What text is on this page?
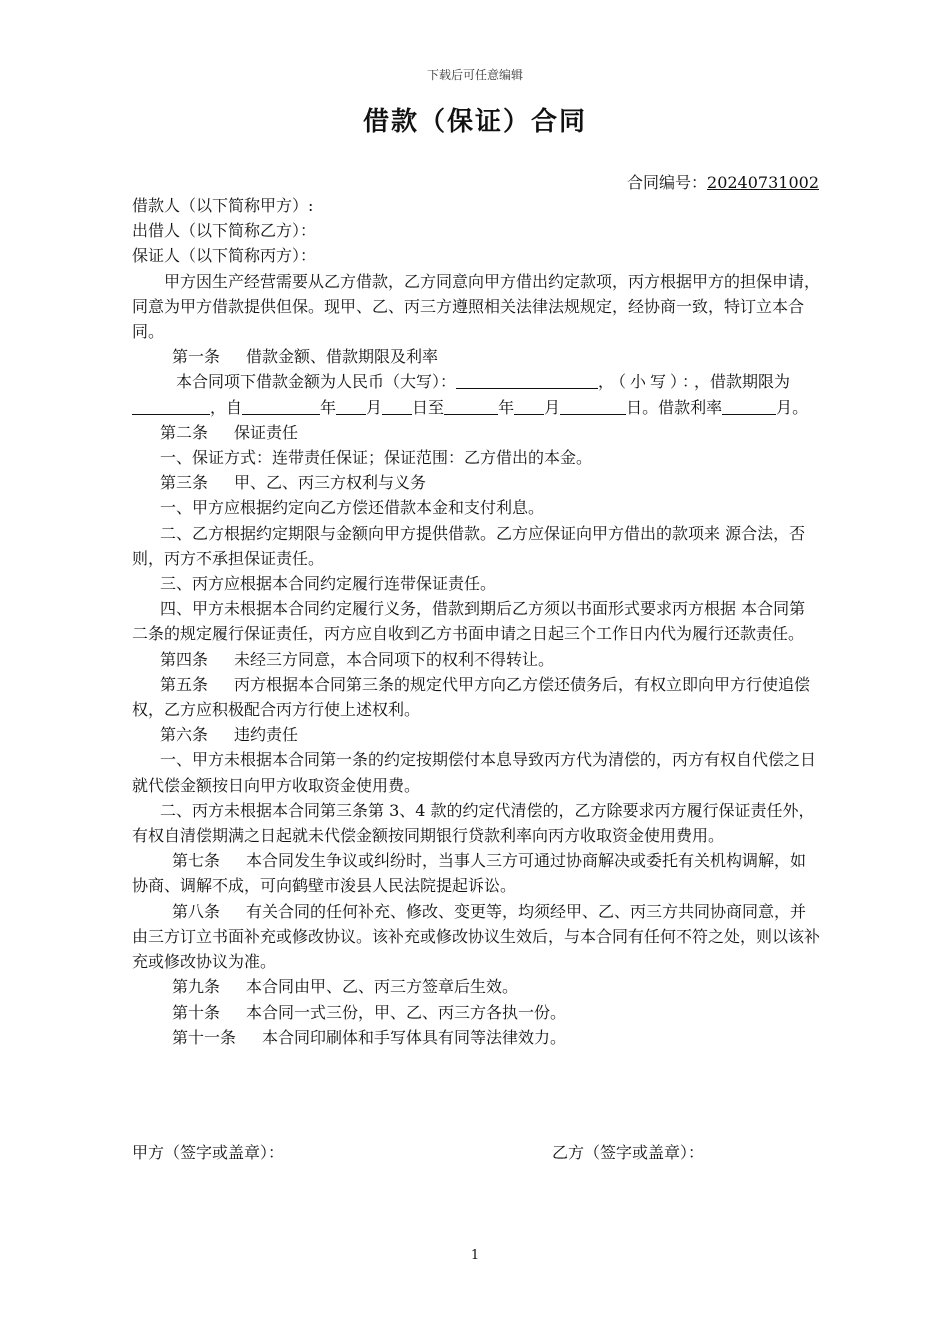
下载后可任意编辑
借款（保证）合同
合同编号：20240731002

借款人（以下简称甲方）:

出借人（以下简称乙方）：

保证人（以下简称丙方）：

甲方因生产经营需要从乙方借款，乙方同意向甲方借出约定款项，丙方根据甲方的担保申请，同意为甲方借款提供但保。现甲、乙、丙三方遵照相关法律法规规定，经协商一致，特订立本合同。

第一条 借款金额、借款期限及利率

本合同项下借款金额为人民币（大写）：	，（小写）：，借款期限为，自	年 月 日至	年 月	日。借款利率	月。

第二条 保证责任

一、保证方式：连带责任保证；保证范围：乙方借出的本金。

第三条 甲、乙、丙三方权利与义务

一、甲方应根据约定向乙方偿还借款本金和支付利息。

二、乙方根据约定期限与金额向甲方提供借款。乙方应保证向甲方借出的款项来 源合法，否则，丙方不承担保证责任。

三、丙方应根据本合同约定履行连带保证责任。

四、甲方未根据本合同约定履行义务，借款到期后乙方须以书面形式要求丙方根据 本合同第二条的规定履行保证责任，丙方应自收到乙方书面申请之日起三个工作日内代为履行还款责任。

第四条 未经三方同意，本合同项下的权利不得转让。

第五条 丙方根据本合同第三条的规定代甲方向乙方偿还债务后，有权立即向甲方行使追偿权，乙方应积极配合丙方行使上述权利。

第六条 违约责任

一、甲方未根据本合同第一条的约定按期偿付本息导致丙方代为清偿的，丙方有权自代偿之日就代偿金额按日向甲方收取资金使用费。

二、丙方未根据本合同第三条第 3、4 款的约定代清偿的，乙方除要求丙方履行保证责任外，有权自清偿期满之日起就未代偿金额按同期银行贷款利率向丙方收取资金使用费用。

第七条 本合同发生争议或纠纷时，当事人三方可通过协商解决或委托有关机构调解，如协商、调解不成，可向鹤壁市浚县人民法院提起诉讼。

第八条 有关合同的任何补充、修改、变更等，均须经甲、乙、丙三方共同协商同意，并由三方订立书面补充或修改协议。该补充或修改协议生效后，与本合同有任何不符之处，则以该补充或修改协议为准。

第九条 本合同由甲、乙、丙三方签章后生效。

第十条 本合同一式三份，甲、乙、丙三方各执一份。

第十一条 本合同印刷体和手写体具有同等法律效力。

甲方（签字或盖章）：	乙方（签字或盖章）：
1
